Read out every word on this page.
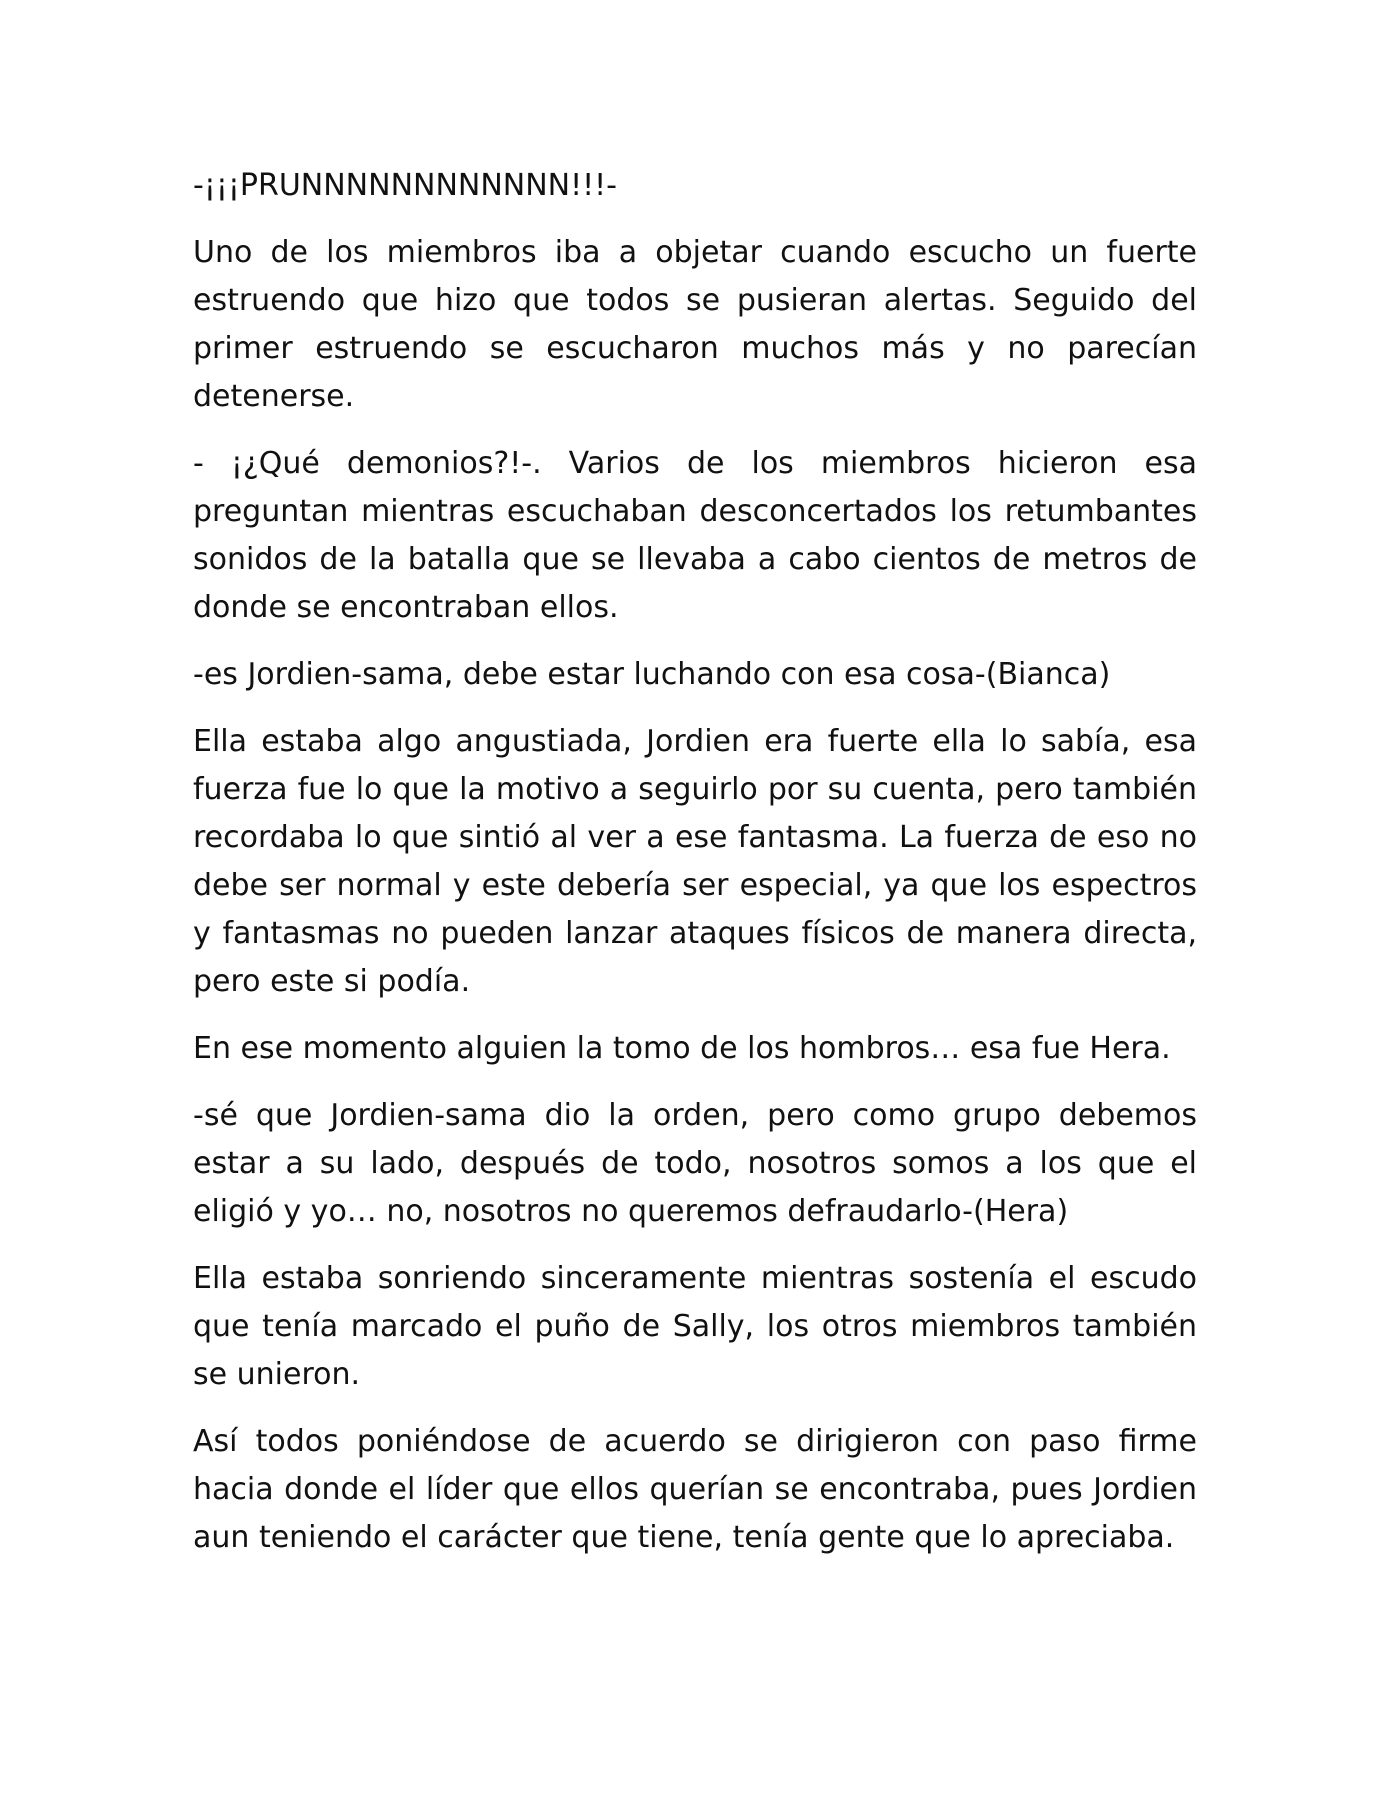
-¡¡¡PRUNNNNNNNNNNNN!!!-

Uno de los miembros iba a objetar cuando escucho un fuerte estruendo que hizo que todos se pusieran alertas. Seguido del primer estruendo se escucharon muchos más y no parecían detenerse.

- ¡¿Qué demonios?!-. Varios de los miembros hicieron esa preguntan mientras escuchaban desconcertados los retumbantes sonidos de la batalla que se llevaba a cabo cientos de metros de donde se encontraban ellos.

-es Jordien-sama, debe estar luchando con esa cosa-(Bianca)

Ella estaba algo angustiada, Jordien era fuerte ella lo sabía, esa fuerza fue lo que la motivo a seguirlo por su cuenta, pero también recordaba lo que sintió al ver a ese fantasma. La fuerza de eso no debe ser normal y este debería ser especial, ya que los espectros y fantasmas no pueden lanzar ataques físicos de manera directa, pero este si podía.

En ese momento alguien la tomo de los hombros… esa fue Hera.

-sé que Jordien-sama dio la orden, pero como grupo debemos estar a su lado, después de todo, nosotros somos a los que el eligió y yo… no, nosotros no queremos defraudarlo-(Hera)

Ella estaba sonriendo sinceramente mientras sostenía el escudo que tenía marcado el puño de Sally, los otros miembros también se unieron.

Así todos poniéndose de acuerdo se dirigieron con paso firme hacia donde el líder que ellos querían se encontraba, pues Jordien aun teniendo el carácter que tiene, tenía gente que lo apreciaba.
